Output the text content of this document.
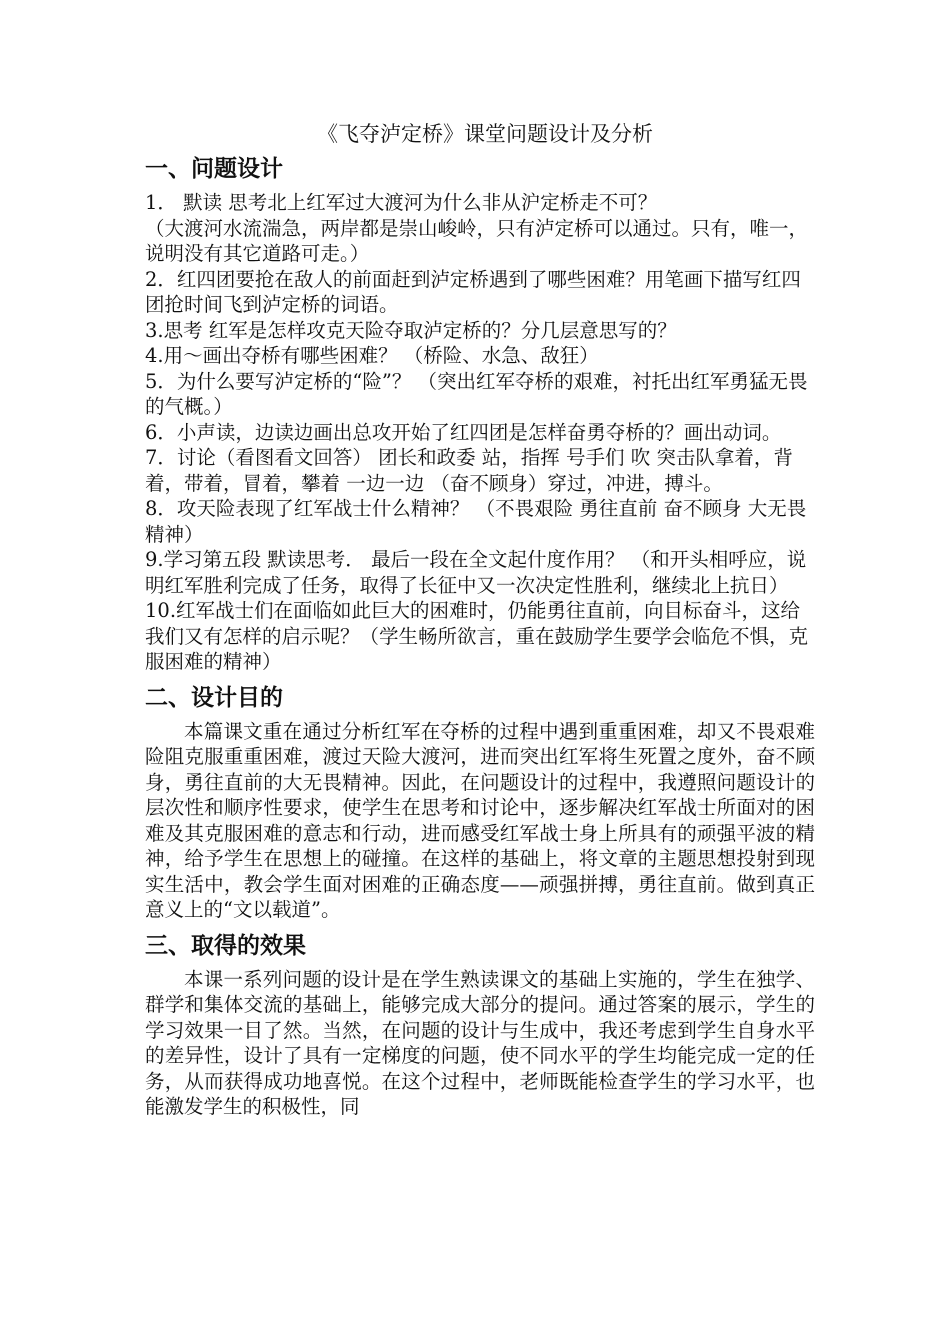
《飞夺泸定桥》课堂问题设计及分析
一、问题设计

1． 默读 思考北上红军过大渡河为什么非从沪定桥走不可？

（大渡河水流湍急，两岸都是崇山峻岭，只有泸定桥可以通过。只有，唯一，说明没有其它道路可走。）

2．红四团要抢在敌人的前面赶到泸定桥遇到了哪些困难？用笔画下描写红四团抢时间飞到泸定桥的词语。

3.思考 红军是怎样攻克天险夺取泸定桥的？分几层意思写的？

4.用～画出夺桥有哪些困难？ （桥险、水急、敌狂）

5．为什么要写泸定桥的“险”？ （突出红军夺桥的艰难，衬托出红军勇猛无畏的气概。）

6．小声读，边读边画出总攻开始了红四团是怎样奋勇夺桥的？画出动词。

7．讨论（看图看文回答） 团长和政委 站，指挥 号手们 吹 突击队拿着，背着，带着，冒着，攀着 一边一边 （奋不顾身）穿过，冲进，搏斗。

8．攻天险表现了红军战士什么精神？ （不畏艰险 勇往直前 奋不顾身 大无畏精神）

9.学习第五段 默读思考． 最后一段在全文起什度作用？ （和开头相呼应，说明红军胜利完成了任务，取得了长征中又一次决定性胜利，继续北上抗日）

10.红军战士们在面临如此巨大的困难时，仍能勇往直前，向目标奋斗，这给我们又有怎样的启示呢？（学生畅所欲言，重在鼓励学生要学会临危不惧，克服困难的精神）

二、设计目的

本篇课文重在通过分析红军在夺桥的过程中遇到重重困难，却又不畏艰难险阻克服重重困难，渡过天险大渡河，进而突出红军将生死置之度外，奋不顾身，勇往直前的大无畏精神。因此，在问题设计的过程中，我遵照问题设计的层次性和顺序性要求，使学生在思考和讨论中，逐步解决红军战士所面对的困难及其克服困难的意志和行动，进而感受红军战士身上所具有的顽强平波的精神，给予学生在思想上的碰撞。在这样的基础上，将文章的主题思想投射到现实生活中，教会学生面对困难的正确态度——顽强拼搏，勇往直前。做到真正意义上的“文以载道”。

三、取得的效果

本课一系列问题的设计是在学生熟读课文的基础上实施的，学生在独学、群学和集体交流的基础上，能够完成大部分的提问。通过答案的展示，学生的学习效果一目了然。当然，在问题的设计与生成中，我还考虑到学生自身水平的差异性，设计了具有一定梯度的问题，使不同水平的学生均能完成一定的任务，从而获得成功地喜悦。在这个过程中，老师既能检查学生的学习水平，也能激发学生的积极性，同
